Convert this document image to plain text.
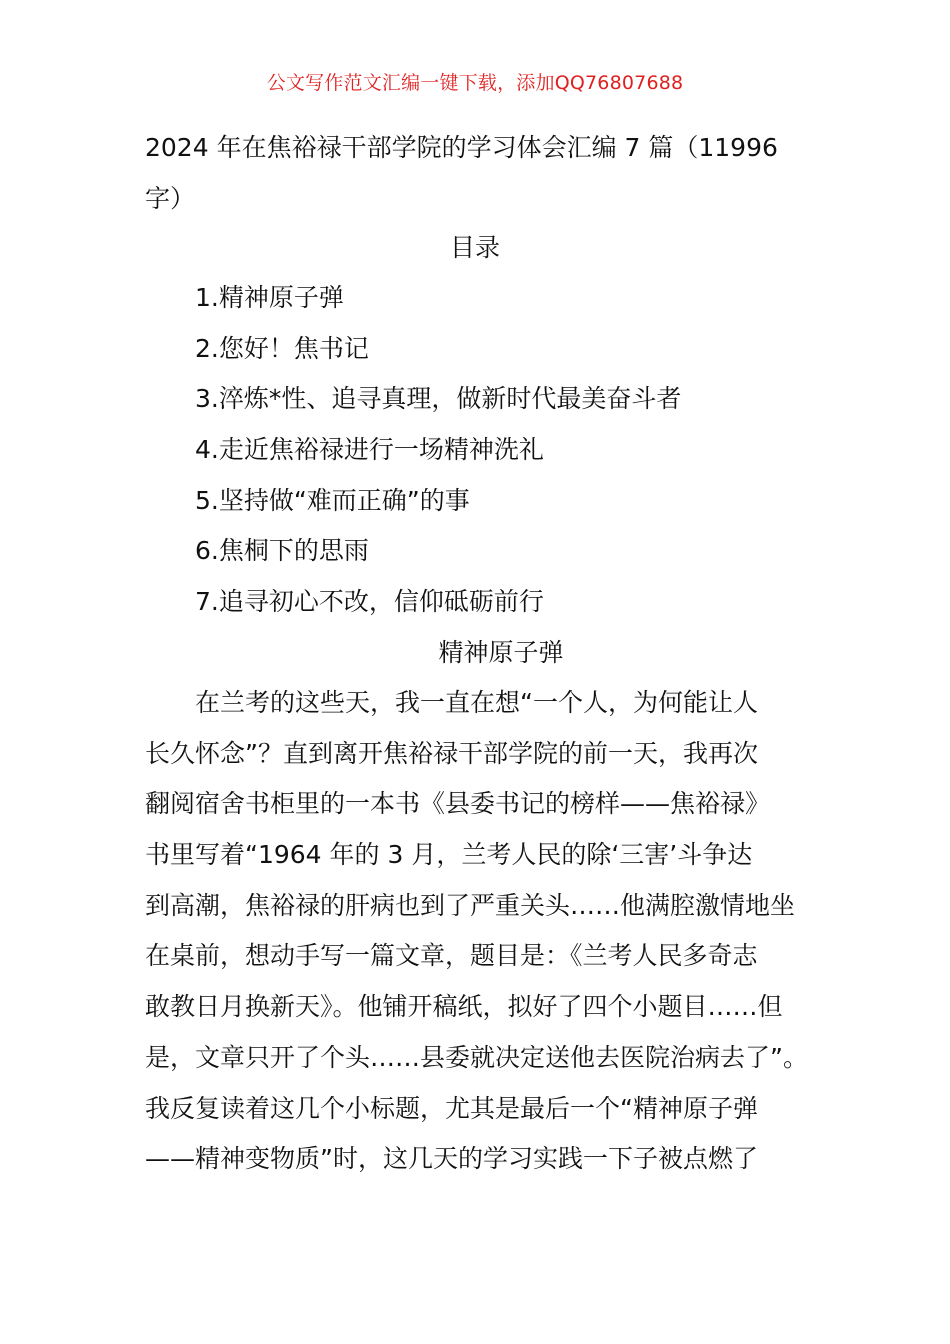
公文写作范文汇编一键下载，添加QQ76807688
2024 年在焦裕禄干部学院的学习体会汇编 7 篇（11996
字）
目录
1.精神原子弹
2.您好！焦书记
3.淬炼*性、追寻真理，做新时代最美奋斗者
4.走近焦裕禄进行一场精神洗礼
5.坚持做“难而正确”的事
6.焦桐下的思雨
7.追寻初心不改，信仰砥砺前行
精神原子弹
在兰考的这些天，我一直在想“一个人，为何能让人
长久怀念”？直到离开焦裕禄干部学院的前一天，我再次
翻阅宿舍书柜里的一本书《县委书记的榜样——焦裕禄》
书里写着“1964 年的 3 月，兰考人民的除‘三害’斗争达
到高潮，焦裕禄的肝病也到了严重关头……他满腔激情地坐
在桌前，想动手写一篇文章，题目是：《兰考人民多奇志
敢教日月换新天》。他铺开稿纸，拟好了四个小题目……但
是，文章只开了个头……县委就决定送他去医院治病去了”。
我反复读着这几个小标题，尤其是最后一个“精神原子弹
——精神变物质”时，这几天的学习实践一下子被点燃了
